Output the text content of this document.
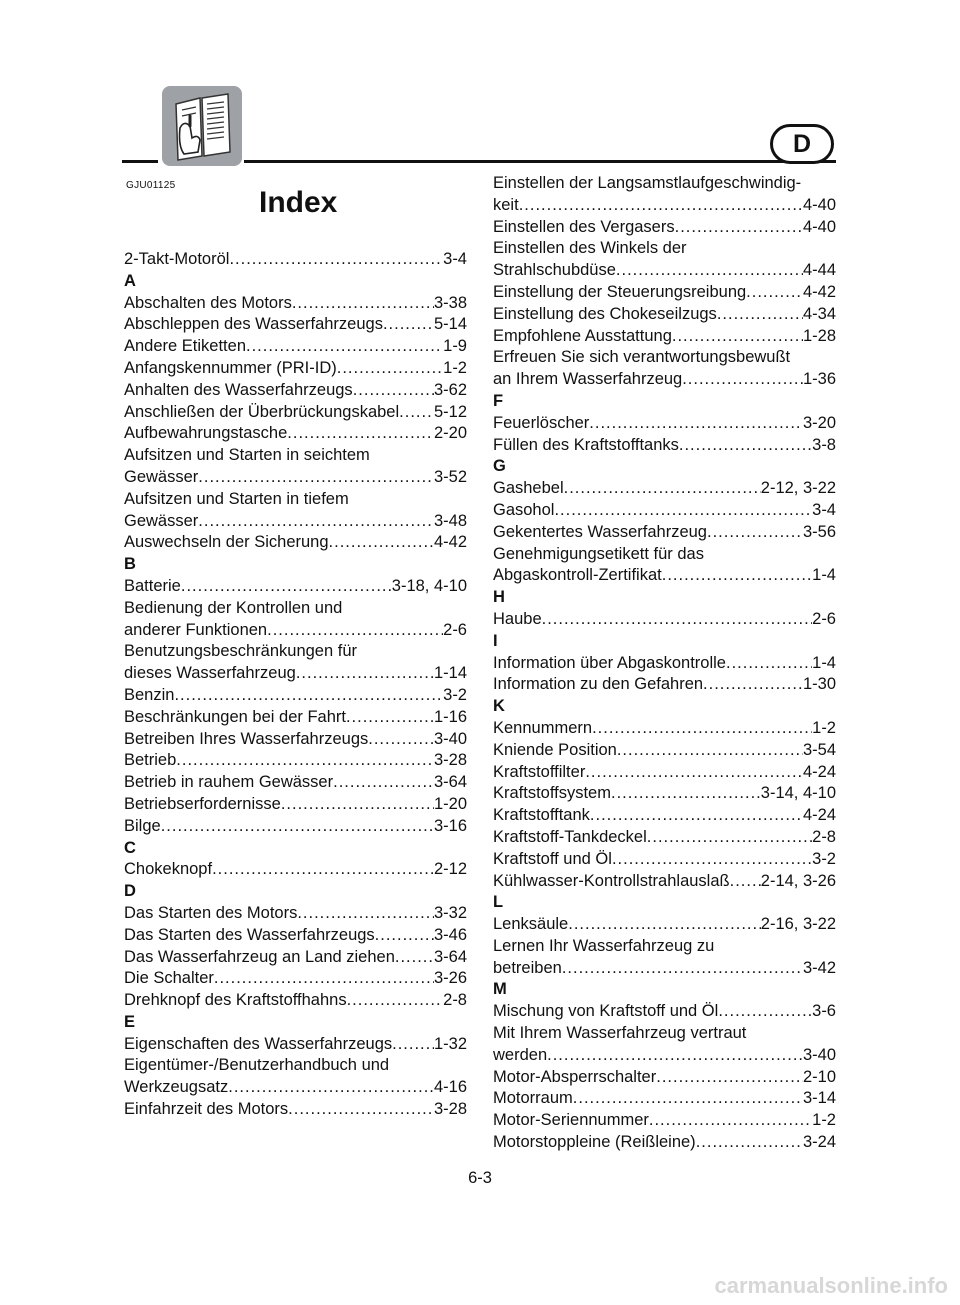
D
GJU01125
Index
2-Takt-Motoröl .....	3-4
A
Abschalten des Motors .....	3-38
Abschleppen des Wasserfahrzeugs .....	5-14
Andere Etiketten .....	1-9
Anfangskennummer (PRI-ID) .....	1-2
Anhalten des Wasserfahrzeugs .....	3-62
Anschließen der Überbrückungskabel ..... 5-12
Aufbewahrungstasche .....	2-20
Aufsitzen und Starten in seichtem
Gewässer .....	3-52
Aufsitzen und Starten in tiefem
Gewässer .....	3-48
Auswechseln der Sicherung .....	4-42
B
Batterie .....	3-18, 4-10
Bedienung der Kontrollen und
anderer Funktionen .....	2-6
Benutzungsbeschränkungen für
dieses Wasserfahrzeug .....	1-14
Benzin .....	3-2
Beschränkungen bei der Fahrt .....	1-16
Betreiben Ihres Wasserfahrzeugs .....	3-40
Betrieb .....	3-28
Betrieb in rauhem Gewässer .....	3-64
Betriebserfordernisse .....	1-20
Bilge .....	3-16
C
Chokeknopf .....	2-12
D
Das Starten des Motors .....	3-32
Das Starten des Wasserfahrzeugs .....	3-46
Das Wasserfahrzeug an Land ziehen ..... 3-64
Die Schalter .....	3-26
Drehknopf des Kraftstoffhahns .....	2-8
E
Eigenschaften des Wasserfahrzeugs .....	1-32
Eigentümer-/Benutzerhandbuch und
Werkzeugsatz .....	4-16
Einfahrzeit des Motors .....	3-28
Einstellen der Langsamstlaufgeschwindig-
keit .....	4-40
Einstellen des Vergasers .....	4-40
Einstellen des Winkels der
Strahlschubdüse .....	4-44
Einstellung der Steuerungsreibung .....	4-42
Einstellung des Chokeseilzugs .....	4-34
Empfohlene Ausstattung .....	1-28
Erfreuen Sie sich verantwortungsbewußt
an Ihrem Wasserfahrzeug .....	1-36
F
Feuerlöscher .....	3-20
Füllen des Kraftstofftanks .....	3-8
G
Gashebel .....	2-12, 3-22
Gasohol .....	3-4
Gekentertes Wasserfahrzeug .....	3-56
Genehmigungsetikett für das
Abgaskontroll-Zertifikat .....	1-4
H
Haube .....	2-6
I
Information über Abgaskontrolle .....	1-4
Information zu den Gefahren .....	1-30
K
Kennummern .....	1-2
Kniende Position .....	3-54
Kraftstoffilter .....	4-24
Kraftstoffsystem .....	3-14, 4-10
Kraftstofftank .....	4-24
Kraftstoff-Tankdeckel .....	2-8
Kraftstoff und Öl .....	3-2
Kühlwasser-Kontrollstrahlauslaß ..... 2-14, 3-26
L
Lenksäule .....	2-16, 3-22
Lernen Ihr Wasserfahrzeug zu
betreiben .....	3-42
M
Mischung von Kraftstoff und Öl .....	3-6
Mit Ihrem Wasserfahrzeug vertraut
werden .....	3-40
Motor-Absperrschalter .....	2-10
Motorraum .....	3-14
Motor-Seriennummer .....	1-2
Motorstoppleine (Reißleine) .....	3-24
6-3
carmanualsonline.info
